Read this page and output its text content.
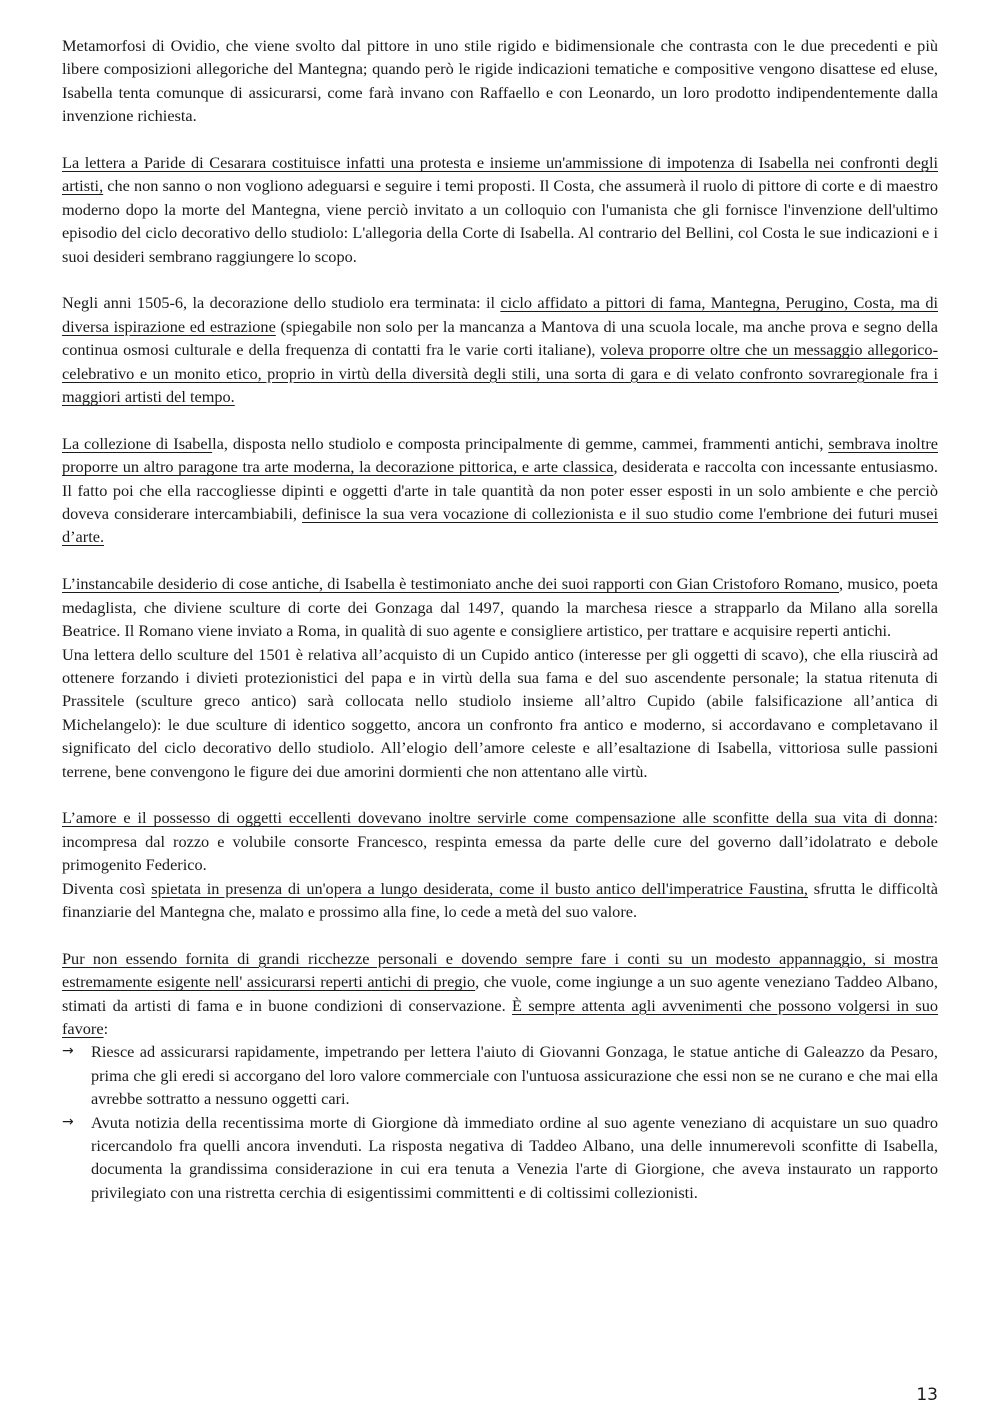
Metamorfosi di Ovidio, che viene svolto dal pittore in uno stile rigido e bidimensionale che contrasta con le due precedenti e più libere composizioni allegoriche del Mantegna; quando però le rigide indicazioni tematiche e compositive vengono disattese ed eluse, Isabella tenta comunque di assicurarsi, come farà invano con Raffaello e con Leonardo, un loro prodotto indipendentemente dalla invenzione richiesta.

La lettera a Paride di Cesarara costituisce infatti una protesta e insieme un'ammissione di impotenza di Isabella nei confronti degli artisti, che non sanno o non vogliono adeguarsi e seguire i temi proposti. Il Costa, che assumerà il ruolo di pittore di corte e di maestro moderno dopo la morte del Mantegna, viene perciò invitato a un colloquio con l'umanista che gli fornisce l'invenzione dell'ultimo episodio del ciclo decorativo dello studiolo: L'allegoria della Corte di Isabella. Al contrario del Bellini, col Costa le sue indicazioni e i suoi desideri sembrano raggiungere lo scopo.

Negli anni 1505-6, la decorazione dello studiolo era terminata: il ciclo affidato a pittori di fama, Mantegna, Perugino, Costa, ma di diversa ispirazione ed estrazione (spiegabile non solo per la mancanza a Mantova di una scuola locale, ma anche prova e segno della continua osmosi culturale e della frequenza di contatti fra le varie corti italiane), voleva proporre oltre che un messaggio allegorico-celebrativo e un monito etico, proprio in virtù della diversità degli stili, una sorta di gara e di velato confronto sovraregionale fra i maggiori artisti del tempo.

La collezione di Isabella, disposta nello studiolo e composta principalmente di gemme, cammei, frammenti antichi, sembrava inoltre proporre un altro paragone tra arte moderna, la decorazione pittorica, e arte classica, desiderata e raccolta con incessante entusiasmo. Il fatto poi che ella raccogliesse dipinti e oggetti d'arte in tale quantità da non poter esser esposti in un solo ambiente e che perciò doveva considerare intercambiabili, definisce la sua vera vocazione di collezionista e il suo studio come l'embrione dei futuri musei d’arte.

L’instancabile desiderio di cose antiche, di Isabella è testimoniato anche dei suoi rapporti con Gian Cristoforo Romano, musico, poeta medaglista, che diviene sculture di corte dei Gonzaga dal 1497, quando la marchesa riesce a strapparlo da Milano alla sorella Beatrice. Il Romano viene inviato a Roma, in qualità di suo agente e consigliere artistico, per trattare e acquisire reperti antichi.

Una lettera dello sculture del 1501 è relativa all’acquisto di un Cupido antico (interesse per gli oggetti di scavo), che ella riuscirà ad ottenere forzando i divieti protezionistici del papa e in virtù della sua fama e del suo ascendente personale; la statua ritenuta di Prassitele (sculture greco antico) sarà collocata nello studiolo insieme all’altro Cupido (abile falsificazione all’antica di Michelangelo): le due sculture di identico soggetto, ancora un confronto fra antico e moderno, si accordavano e completavano il significato del ciclo decorativo dello studiolo. All’elogio dell’amore celeste e all’esaltazione di Isabella, vittoriosa sulle passioni terrene, bene convengono le figure dei due amorini dormienti che non attentano alle virtù.

L’amore e il possesso di oggetti eccellenti dovevano inoltre servirle come compensazione alle sconfitte della sua vita di donna: incompresa dal rozzo e volubile consorte Francesco, respinta emessa da parte delle cure del governo dall’idolatrato e debole primogenito Federico.

Diventa così spietata in presenza di un'opera a lungo desiderata, come il busto antico dell'imperatrice Faustina, sfrutta le difficoltà finanziarie del Mantegna che, malato e prossimo alla fine, lo cede a metà del suo valore.

Pur non essendo fornita di grandi ricchezze personali e dovendo sempre fare i conti su un modesto appannaggio, si mostra estremamente esigente nell' assicurarsi reperti antichi di pregio, che vuole, come ingiunge a un suo agente veneziano Taddeo Albano, stimati da artisti di fama e in buone condizioni di conservazione. È sempre attenta agli avvenimenti che possono volgersi in suo favore:

→ Riesce ad assicurarsi rapidamente, impetrando per lettera l'aiuto di Giovanni Gonzaga, le statue antiche di Galeazzo da Pesaro, prima che gli eredi si accorgano del loro valore commerciale con l'untuosa assicurazione che essi non se ne curano e che mai ella avrebbe sottratto a nessuno oggetti cari.
→ Avuta notizia della recentissima morte di Giorgione dà immediato ordine al suo agente veneziano di acquistare un suo quadro ricercandolo fra quelli ancora invenduti. La risposta negativa di Taddeo Albano, una delle innumerevoli sconfitte di Isabella, documenta la grandissima considerazione in cui era tenuta a Venezia l'arte di Giorgione, che aveva instaurato un rapporto privilegiato con una ristretta cerchia di esigentissimi committenti e di coltissimi collezionisti.
13
